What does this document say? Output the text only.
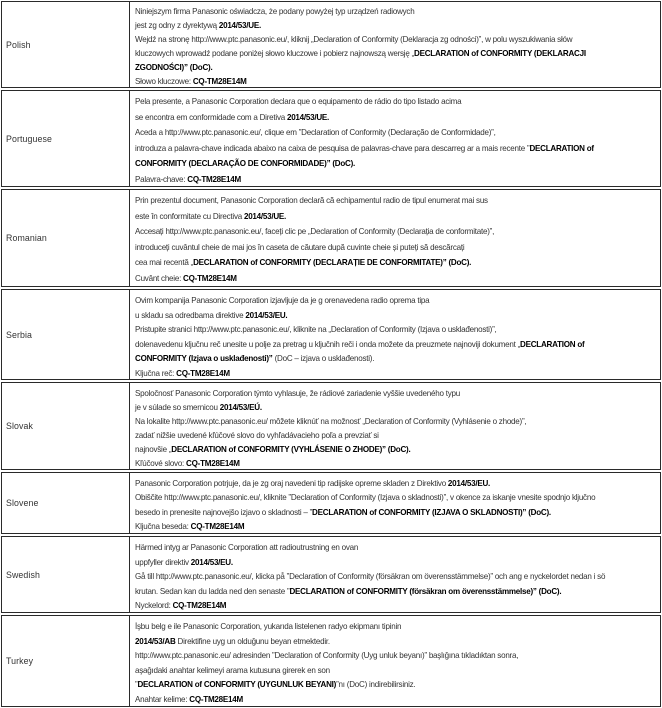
Polish
Niniejszym firma Panasonic oświadcza, że podany powyżej typ urządzeń radiowych
jest zg odny z dyrektywą 2014/53/UE.
Wejdź na stronę http://www.ptc.panasonic.eu/, kliknij „Declaration of Conformity (Deklaracja zg odności)”, w polu wyszukiwania słów
kluczowych wprowadź podane poniżej słowo kluczowe i pobierz najnowszą wersję „DECLARATION of CONFORMITY (DEKLARACJI
ZGODNOŚCI)” (DoC).
Słowo kluczowe: CQ-TM28E14M
Portuguese
Pela presente, a Panasonic Corporation declara que o equipamento de rádio do tipo listado acima
se encontra em conformidade com a Diretiva 2014/53/UE.
Aceda a http://www.ptc.panasonic.eu/, clique em ”Declaration of Conformity (Declaração de Conformidade)”,
introduza a palavra-chave indicada abaixo na caixa de pesquisa de palavras-chave para descarreg ar a mais recente ”DECLARATION of
CONFORMITY (DECLARAÇÃO DE CONFORMIDADE)” (DoC).
Palavra-chave: CQ-TM28E14M
Romanian
Prin prezentul document, Panasonic Corporation declară că echipamentul radio de tipul enumerat mai sus
este în conformitate cu Directiva 2014/53/UE.
Accesați http://www.ptc.panasonic.eu/, faceți clic pe „Declaration of Conformity (Declarația de conformitate)”,
introduceți cuvântul cheie de mai jos în caseta de căutare după cuvinte cheie și puteți să descărcați
cea mai recentă „DECLARATION of CONFORMITY (DECLARAȚIE DE CONFORMITATE)” (DoC).
Cuvânt cheie: CQ-TM28E14M
Serbia
Ovim kompanija Panasonic Corporation izjavljuje da je g orenavedena radio oprema tipa
u skladu sa odredbama direktive 2014/53/EU.
Pristupite stranici http://www.ptc.panasonic.eu/, kliknite na „Declaration of Conformity (Izjava o usklađenosti)”,
dolenavedenu ključnu reč unesite u polje za pretrag u ključnih reči i onda možete da preuzmete najnoviji dokument „DECLARATION of
CONFORMITY (Izjava o usklađenosti)” (DoC – izjava o usklađenosti).
Ključna reč: CQ-TM28E14M
Slovak
Spoločnosť Panasonic Corporation týmto vyhlasuje, že rádiové zariadenie vyššie uvedeného typu
je v súlade so smernicou 2014/53/EÚ.
Na lokalite http://www.ptc.panasonic.eu/ môžete kliknúť na možnosť „Declaration of Conformity (Vyhlásenie o zhode)”,
zadať nižšie uvedené kľúčové slovo do vyhľadávacieho poľa a prevziať si
najnovšie „DECLARATION of CONFORMITY (VYHLÁSENIE O ZHODE)” (DoC).
Kľúčové slovo: CQ-TM28E14M
Slovene
Panasonic Corporation potrjuje, da je zg oraj navedeni tip radijske opreme skladen z Direktivo 2014/53/EU.
Obiščite http://www.ptc.panasonic.eu/, kliknite ”Declaration of Conformity (Izjava o skladnosti)”, v okence za iskanje vnesite spodnjo ključno
besedo in prenesite najnovejšo izjavo o skladnosti – ”DECLARATION of CONFORMITY (IZJAVA O SKLADNOSTI)” (DoC).
Ključna beseda: CQ-TM28E14M
Swedish
Härmed intyg ar Panasonic Corporation att radioutrustning en ovan
uppfyller direktiv 2014/53/EU.
Gå till http://www.ptc.panasonic.eu/, klicka på ”Declaration of Conformity (försäkran om överensstämmelse)” och ang e nyckelordet nedan i sö
krutan. Sedan kan du ladda ned den senaste ”DECLARATION of CONFORMITY (försäkran om överensstämmelse)” (DoC).
Nyckelord: CQ-TM28E14M
Turkey
İşbu belg e ile Panasonic Corporation, yukarıda listelenen radyo ekipmanı tipinin
2014/53/AB Direktifine uyg un olduğunu beyan etmektedir.
http://www.ptc.panasonic.eu/ adresinden ”Declaration of Conformity (Uyg unluk beyanı)” başlığına tıkladıktan sonra,
aşağıdaki anahtar kelimeyi arama kutusuna girerek en son
”DECLARATION of CONFORMITY (UYGUNLUK BEYANI)”nı (DoC) indirebilirsiniz.
Anahtar kelime: CQ-TM28E14M
